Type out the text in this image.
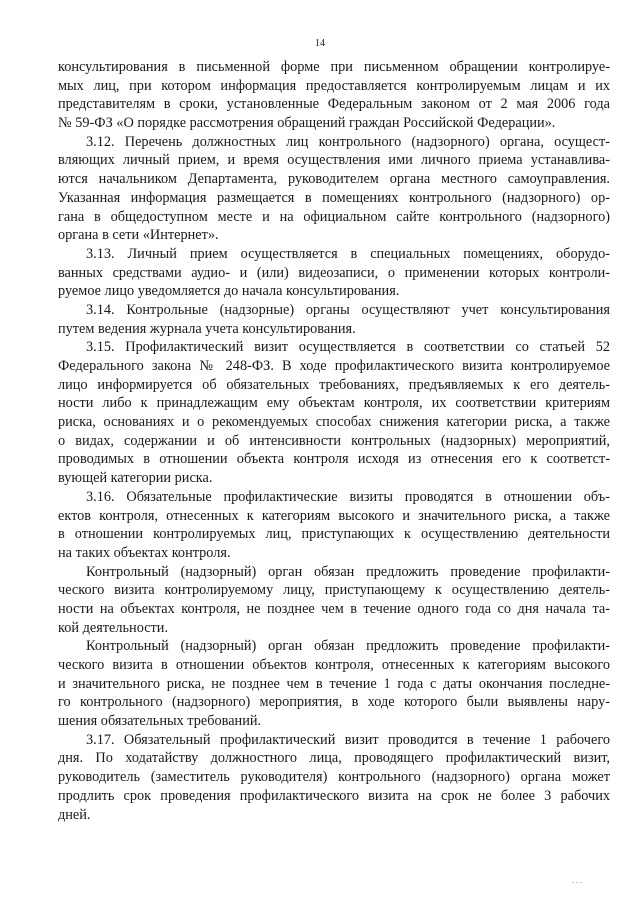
14
консультирования в письменной форме при письменном обращении контролируе-
мых лиц, при котором информация предоставляется контролируемым лицам и их
представителям в сроки, установленные Федеральным законом от 2 мая 2006 года
№ 59-ФЗ «О порядке рассмотрения обращений граждан Российской Федерации».
3.12. Перечень должностных лиц контрольного (надзорного) органа, осущест-
вляющих личный прием, и время осуществления ими личного приема устанавлива-
ются начальником Департамента, руководителем органа местного самоуправления.
Указанная информация размещается в помещениях контрольного (надзорного) ор-
гана в общедоступном месте и на официальном сайте контрольного (надзорного)
органа в сети «Интернет».
3.13. Личный прием осуществляется в специальных помещениях, оборудо-
ванных средствами аудио- и (или) видеозаписи, о применении которых контроли-
руемое лицо уведомляется до начала консультирования.
3.14. Контрольные (надзорные) органы осуществляют учет консультирования
путем ведения журнала учета консультирования.
3.15. Профилактический визит осуществляется в соответствии со статьей 52
Федерального закона № 248-ФЗ. В ходе профилактического визита контролируемое
лицо информируется об обязательных требованиях, предъявляемых к его деятель-
ности либо к принадлежащим ему объектам контроля, их соответствии критериям
риска, основаниях и о рекомендуемых способах снижения категории риска, а также
о видах, содержании и об интенсивности контрольных (надзорных) мероприятий,
проводимых в отношении объекта контроля исходя из отнесения его к соответст-
вующей категории риска.
3.16. Обязательные профилактические визиты проводятся в отношении объ-
ектов контроля, отнесенных к категориям высокого и значительного риска, а также
в отношении контролируемых лиц, приступающих к осуществлению деятельности
на таких объектах контроля.
Контрольный (надзорный) орган обязан предложить проведение профилакти-
ческого визита контролируемому лицу, приступающему к осуществлению деятель-
ности на объектах контроля, не позднее чем в течение одного года со дня начала та-
кой деятельности.
Контрольный (надзорный) орган обязан предложить проведение профилакти-
ческого визита в отношении объектов контроля, отнесенных к категориям высокого
и значительного риска, не позднее чем в течение 1 года с даты окончания последне-
го контрольного (надзорного) мероприятия, в ходе которого были выявлены нару-
шения обязательных требований.
3.17. Обязательный профилактический визит проводится в течение 1 рабочего
дня. По ходатайству должностного лица, проводящего профилактический визит,
руководитель (заместитель руководителя) контрольного (надзорного) органа может
продлить срок проведения профилактического визита на срок не более 3 рабочих
дней.
. . .
